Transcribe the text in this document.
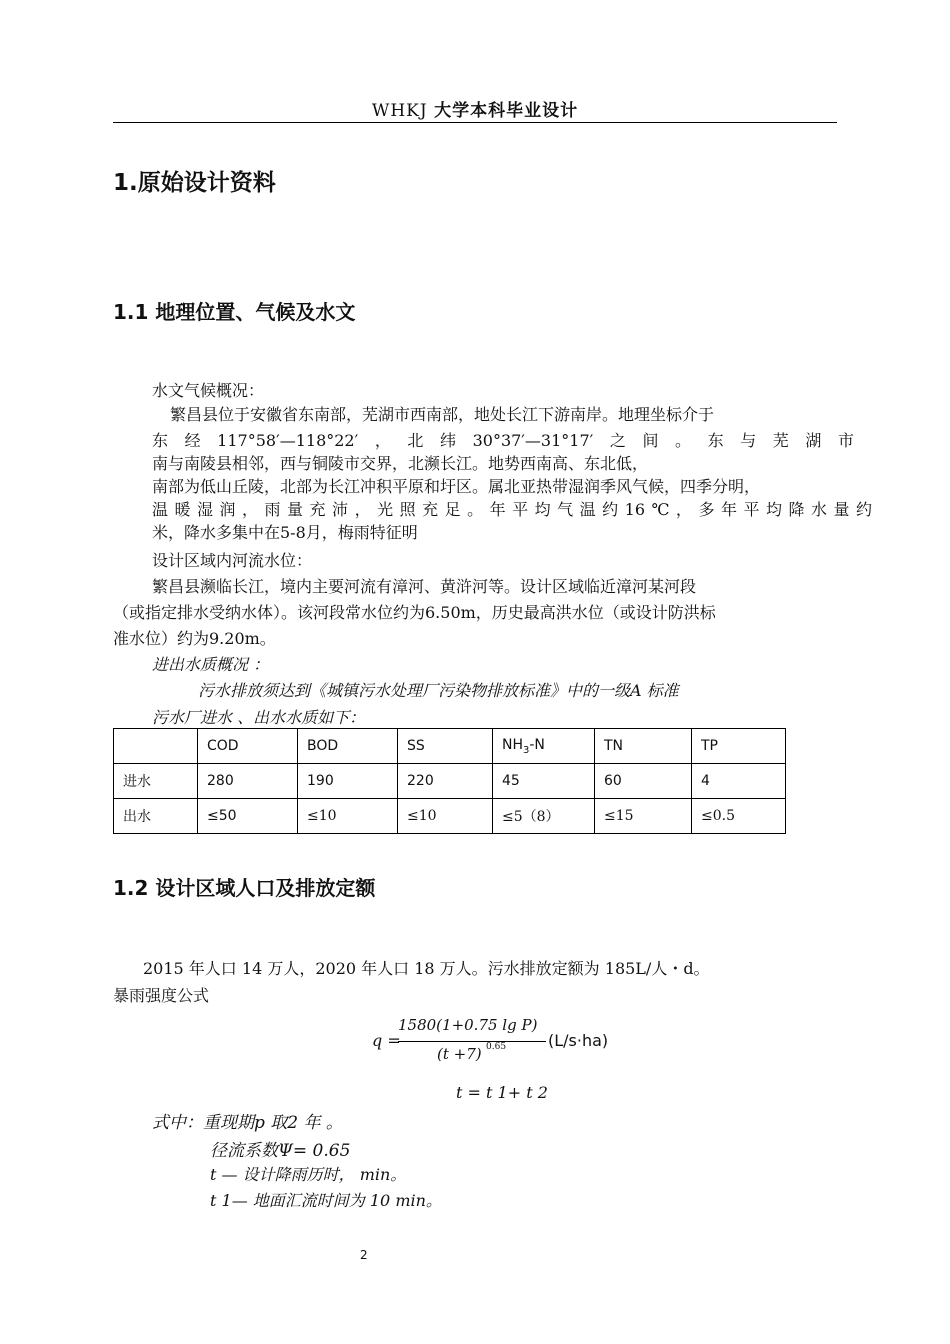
WHKJ 大学本科毕业设计
1.原始设计资料
1.1 地理位置、气候及水文
水文气候概况：
繁昌县位于安徽省东南部，芜湖市西南部，地处长江下游南岸。地理坐标介于
东经117°58′—118°22′，北纬30°37′—31°17′之间。东与芜湖市
南与南陵县相邻，西与铜陵市交界，北濒长江。地势西南高、东北低，
南部为低山丘陵，北部为长江冲积平原和圩区。属北亚热带湿润季风气候，四季分明，
温暖湿润，雨量充沛，光照充足。年平均气温约16℃，多年平均降水量约
米，降水多集中在5-8月，梅雨特征明
设计区域内河流水位：
繁昌县濒临长江，境内主要河流有漳河、黄浒河等。设计区域临近漳河某河段
（或指定排水受纳水体）。该河段常水位约为6.50m，历史最高洪水位（或设计防洪标
准水位）约为9.20m。
进出水质概况 ：
污水排放须达到《城镇污水处理厂污染物排放标准》中的一级A 标准
污水厂进水 、出水水质如下：
	COD	BOD	SS	$NH_3-N$	TN	TP
进水	280	190	220	45	60	4
出水	≤50	≤10	≤10	≤5（8）	≤15	≤0.5
1.2 设计区域人口及排放定额
2015 年人口 14 万人，2020 年人口 18 万人。污水排放定额为 185L/人・d。
暴雨强度公式
q =
1580(1+0.75 lg P)
(t +7) 0.65	(L/s·ha)
t = t 1+ t 2
式中：重现期p 取2 年 。
径流系数Ψ= 0.65
t — 设计降雨历时， min。
t 1— 地面汇流时间为 10 min。
2
